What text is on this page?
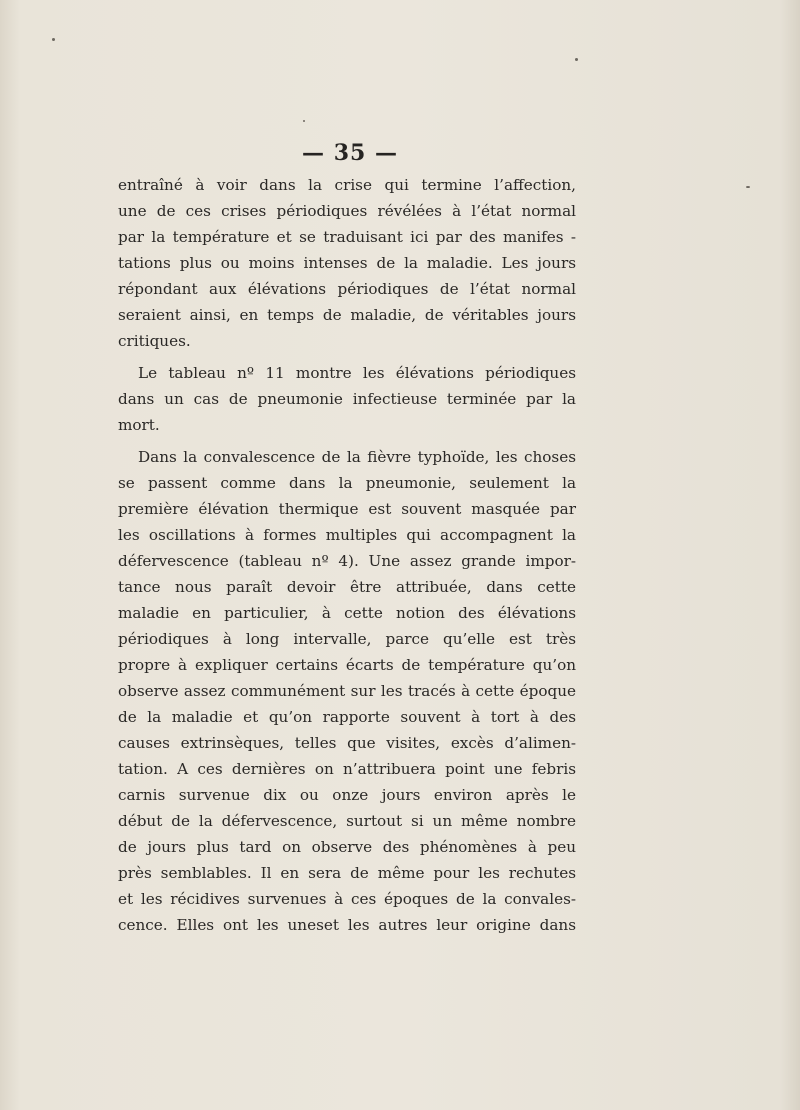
— 35 —
entraîné à voir dans la crise qui termine l’affection,
une de ces crises périodiques révélées à l’état normal
par la température et se traduisant ici par des manifes -
tations plus ou moins intenses de la maladie. Les jours
répondant aux élévations périodiques de l’état normal
seraient ainsi, en temps de maladie, de véritables jours
critiques.
Le tableau nº 11 montre les élévations périodiques
dans un cas de pneumonie infectieuse terminée par la
mort.
Dans la convalescence de la fièvre typhoïde, les choses
se passent comme dans la pneumonie, seulement la
première élévation thermique est souvent masquée par
les oscillations à formes multiples qui accompagnent la
défervescence (tableau nº 4). Une assez grande impor-
tance nous paraît devoir être attribuée, dans cette
maladie en particulier, à cette notion des élévations
périodiques à long intervalle, parce qu’elle est très
propre à expliquer certains écarts de température qu’on
observe assez communément sur les tracés à cette époque
de la maladie et qu’on rapporte souvent à tort à des
causes extrinsèques, telles que visites, excès d’alimen-
tation. A ces dernières on n’attribuera point une febris
carnis survenue dix ou onze jours environ après le
début de la défervescence, surtout si un même nombre
de jours plus tard on observe des phénomènes à peu
près semblables. Il en sera de même pour les rechutes
et les récidives survenues à ces époques de la convales-
cence. Elles ont les uneset les autres leur origine dans
